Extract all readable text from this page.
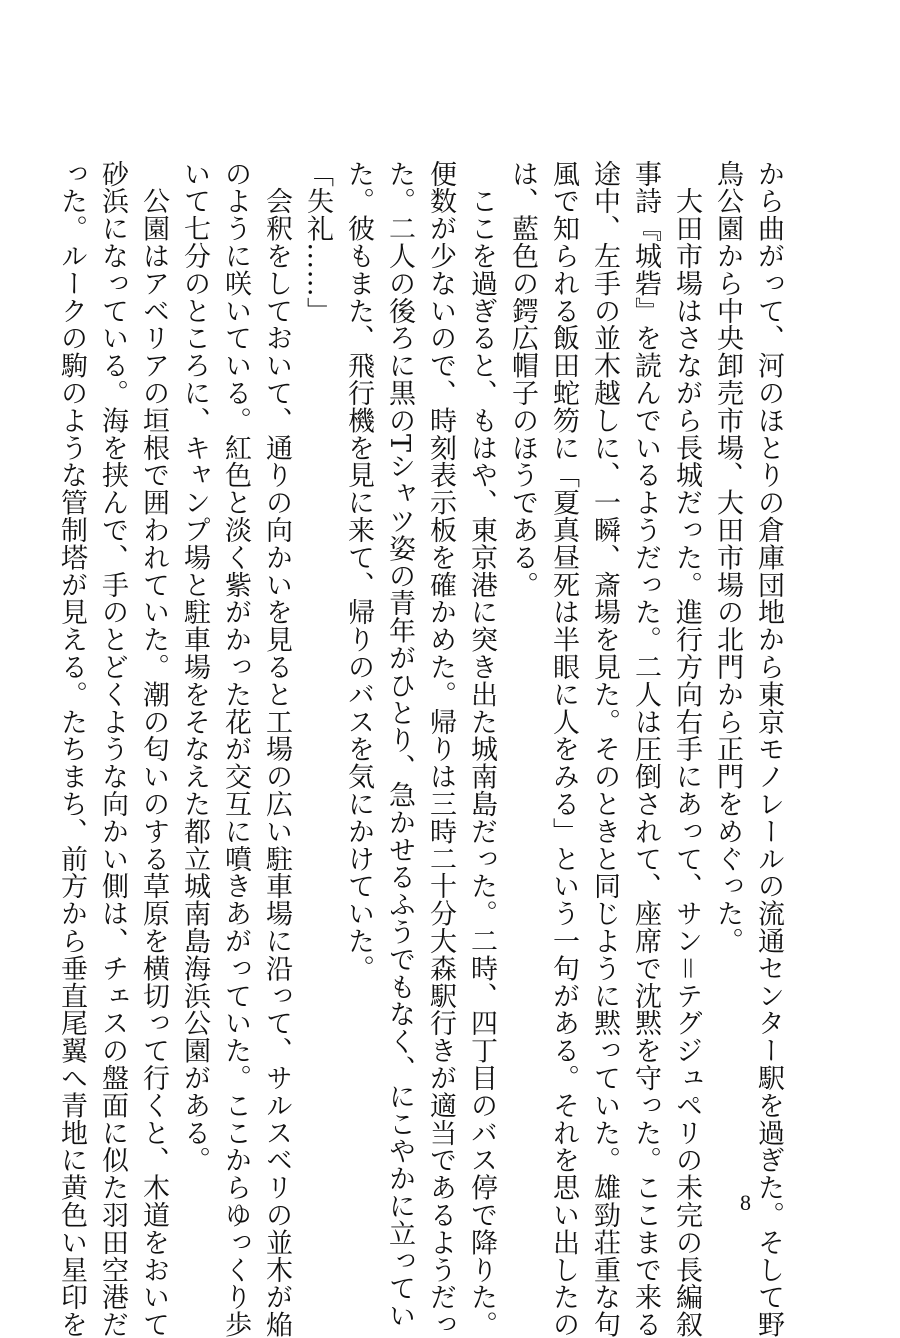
から曲がって、河のほとりの倉庫団地から東京モノレールの流通センター駅を過ぎた。そして野
鳥公園から中央卸売市場、大田市場の北門から正門をめぐった。
　大田市場はさながら長城だった。進行方向右手にあって、サン＝テグジュペリの未完の長編叙
事詩『城砦』を読んでいるようだった。二人は圧倒されて、座席で沈黙を守った。ここまで来る
途中、左手の並木越しに、一瞬、斎場を見た。そのときと同じように黙っていた。雄勁荘重な句
風で知られる飯田蛇笏に「夏真昼死は半眼に人をみる」という一句がある。それを思い出したの
は、藍色の鍔広帽子のほうである。
　ここを過ぎると、もはや、東京港に突き出た城南島だった。二時、四丁目のバス停で降りた。
便数が少ないので、時刻表示板を確かめた。帰りは三時二十分大森駅行きが適当であるようだっ
た。二人の後ろに黒のTシャツ姿の青年がひとり、急かせるふうでもなく、にこやかに立ってい
た。彼もまた、飛行機を見に来て、帰りのバスを気にかけていた。
「失礼……」
　会釈をしておいて、通りの向かいを見ると工場の広い駐車場に沿って、サルスベリの並木が焔
のように咲いている。紅色と淡く紫がかった花が交互に噴きあがっていた。ここからゆっくり歩
いて七分のところに、キャンプ場と駐車場をそなえた都立城南島海浜公園がある。
　公園はアベリアの垣根で囲われていた。潮の匂いのする草原を横切って行くと、木道をおいて
砂浜になっている。海を挟んで、手のとどくような向かい側は、チェスの盤面に似た羽田空港だ
った。ルークの駒のような管制塔が見える。たちまち、前方から垂直尾翼へ青地に黄色い星印を	8
